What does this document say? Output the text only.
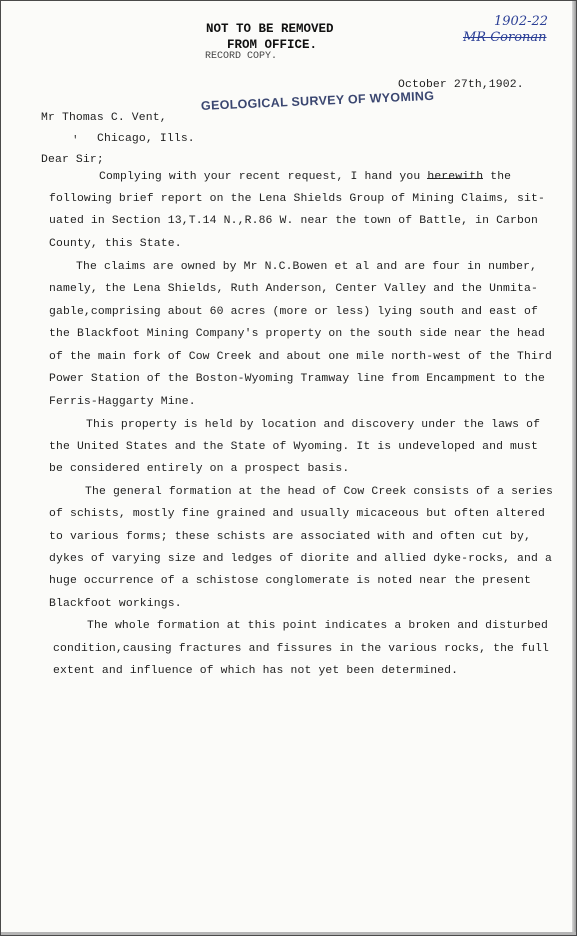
NOT TO BE REMOVED
FROM OFFICE.
RECORD COPY.
1902-22
MR Coronan
GEOLOGICAL SURVEY OF WYOMING
October 27th,1902.
Mr Thomas C. Vent,
Chicago, Ills.
'
Dear Sir;
Complying with your recent request, I hand you herewith the
following brief report on the Lena Shields Group of Mining Claims, sit-
uated in Section 13,T.14 N.,R.86 W. near the town of Battle, in Carbon
County, this State.
The claims are owned by Mr N.C.Bowen et al and are four in number,
namely, the Lena Shields, Ruth Anderson, Center Valley and the Unmita-
gable,comprising about 60 acres (more or less) lying south and east of
the Blackfoot Mining Company's property on the south side near the head
of the main fork of Cow Creek and about one mile north-west of the Third
Power Station of the Boston-Wyoming Tramway line from Encampment to the
Ferris-Haggarty Mine.
This property is held by location and discovery under the laws of
the United States and the State of Wyoming. It is undeveloped and must
be considered entirely on a prospect basis.
The general formation at the head of Cow Creek consists of a series
of schists, mostly fine grained and usually micaceous but often altered
to various forms; these schists are associated with and often cut by,
dykes of varying size and ledges of diorite and allied dyke-rocks, and a
huge occurrence of a schistose conglomerate is noted near the present
Blackfoot workings.
The whole formation at this point indicates a broken and disturbed
condition,causing fractures and fissures in the various rocks, the full
extent and influence of which has not yet been determined.
